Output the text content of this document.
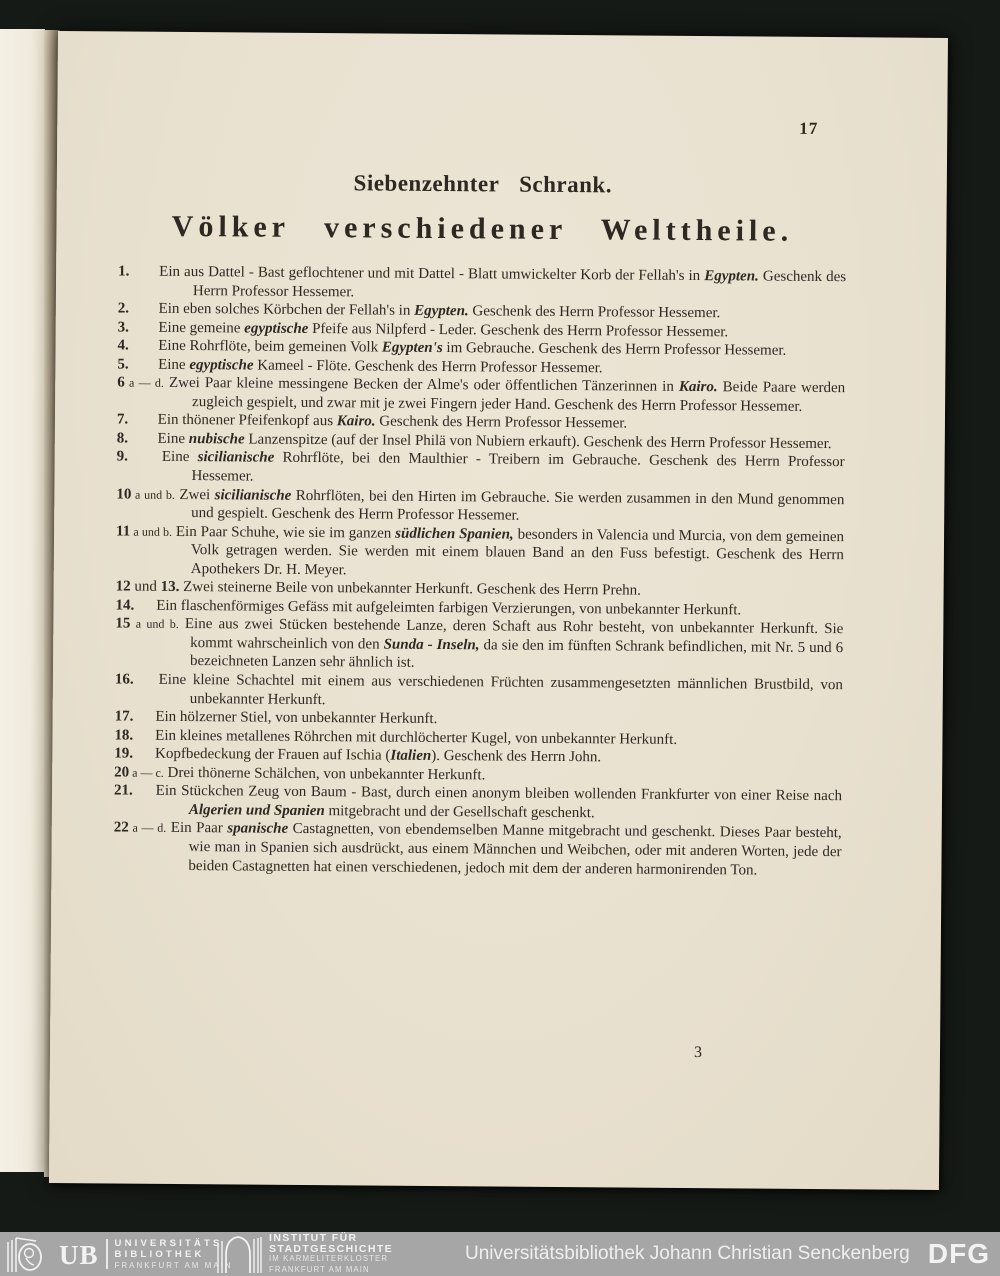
17
Siebenzehnter Schrank.
Völker verschiedener Welttheile.
1. Ein aus Dattel - Bast geflochtener und mit Dattel - Blatt umwickelter Korb der Fellah's in Egypten. Geschenk des Herrn Professor Hessemer.
2. Ein eben solches Körbchen der Fellah's in Egypten. Geschenk des Herrn Professor Hessemer.
3. Eine gemeine egyptische Pfeife aus Nilpferd - Leder. Geschenk des Herrn Professor Hessemer.
4. Eine Rohrflöte, beim gemeinen Volk Egypten's im Gebrauche. Geschenk des Herrn Professor Hessemer.
5. Eine egyptische Kameel - Flöte. Geschenk des Herrn Professor Hessemer.
6 a — d. Zwei Paar kleine messingene Becken der Alme's oder öffentlichen Tänzerinnen in Kairo. Beide Paare werden zugleich gespielt, und zwar mit je zwei Fingern jeder Hand. Geschenk des Herrn Professor Hessemer.
7. Ein thönener Pfeifenkopf aus Kairo. Geschenk des Herrn Professor Hessemer.
8. Eine nubische Lanzenspitze (auf der Insel Philä von Nubiern erkauft). Geschenk des Herrn Professor Hessemer.
9. Eine sicilianische Rohrflöte, bei den Maulthier - Treibern im Gebrauche. Geschenk des Herrn Professor Hessemer.
10 a und b. Zwei sicilianische Rohrflöten, bei den Hirten im Gebrauche. Sie werden zusammen in den Mund genommen und gespielt. Geschenk des Herrn Professor Hessemer.
11 a und b. Ein Paar Schuhe, wie sie im ganzen südlichen Spanien, besonders in Valencia und Murcia, von dem gemeinen Volk getragen werden. Sie werden mit einem blauen Band an den Fuss befestigt. Geschenk des Herrn Apothekers Dr. H. Meyer.
12 und 13. Zwei steinerne Beile von unbekannter Herkunft. Geschenk des Herrn Prehn.
14. Ein flaschenförmiges Gefäss mit aufgeleimten farbigen Verzierungen, von unbekannter Herkunft.
15 a und b. Eine aus zwei Stücken bestehende Lanze, deren Schaft aus Rohr besteht, von unbekannter Herkunft. Sie kommt wahrscheinlich von den Sunda - Inseln, da sie den im fünften Schrank befindlichen, mit Nr. 5 und 6 bezeichneten Lanzen sehr ähnlich ist.
16. Eine kleine Schachtel mit einem aus verschiedenen Früchten zusammengesetzten männlichen Brustbild, von unbekannter Herkunft.
17. Ein hölzerner Stiel, von unbekannter Herkunft.
18. Ein kleines metallenes Röhrchen mit durchlöcherter Kugel, von unbekannter Herkunft.
19. Kopfbedeckung der Frauen auf Ischia (Italien). Geschenk des Herrn John.
20 a — c. Drei thönerne Schälchen, von unbekannter Herkunft.
21. Ein Stückchen Zeug von Baum - Bast, durch einen anonym bleiben wollenden Frankfurter von einer Reise nach Algerien und Spanien mitgebracht und der Gesellschaft geschenkt.
22 a — d. Ein Paar spanische Castagnetten, von ebendemselben Manne mitgebracht und geschenkt. Dieses Paar besteht, wie man in Spanien sich ausdrückt, aus einem Männchen und Weibchen, oder mit anderen Worten, jede der beiden Castagnetten hat einen verschiedenen, jedoch mit dem der anderen harmonirenden Ton.
3
UB UNIVERSITÄTS
BIBLIOTHEK
FRANKFURT AM MAIN
INSTITUT FÜR
STADTGESCHICHTE
IM KARMELITERKLOSTER
FRANKFURT AM MAIN
Universitätsbibliothek Johann Christian Senckenberg DFG
